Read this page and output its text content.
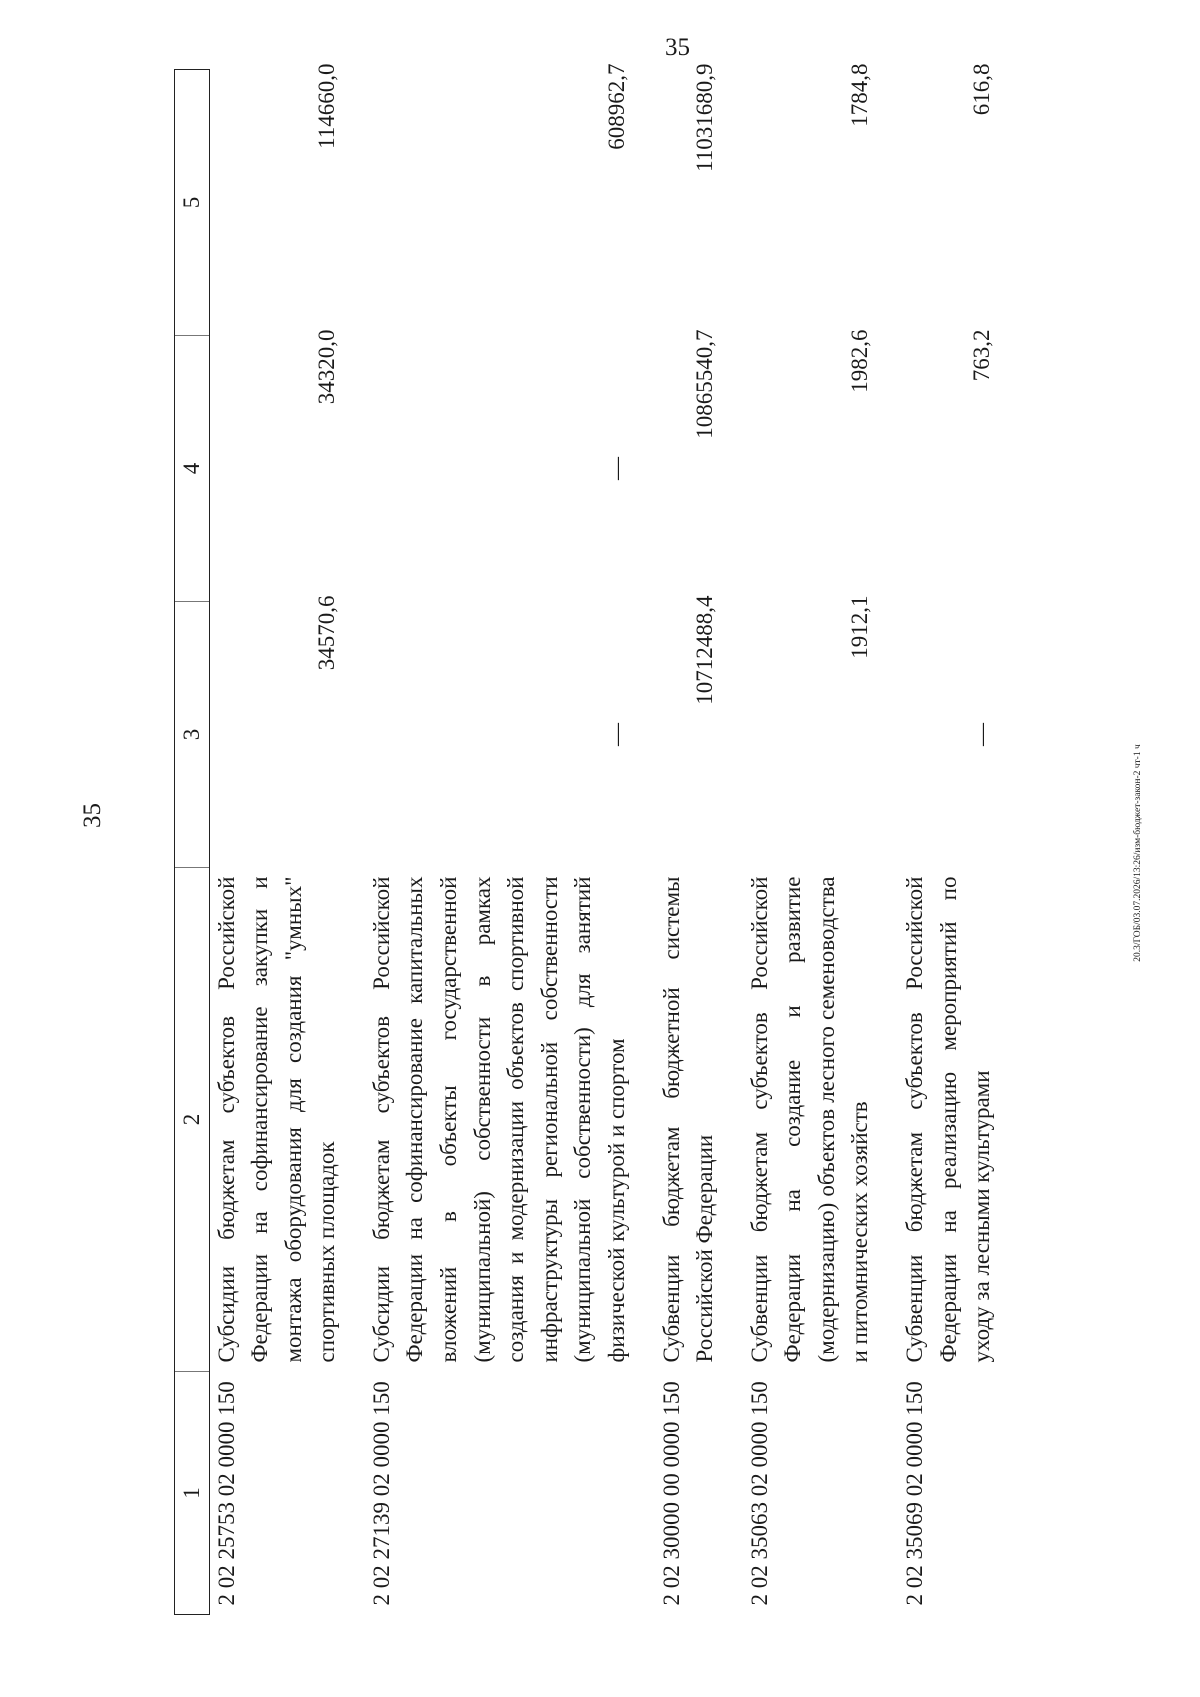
35
35	20.3/ГОБ/03.07.2026/13:26/изм-бюджет-закон-2 чт-1 ч
1	2	3	4	5
2 02 25753 02 0000 150	Субсидии бюджетам субъектов Российской Федерации на софинансирование закупки и монтажа оборудования для создания "умных" спортивных площадок	34570,6	34320,0	114660,0
2 02 27139 02 0000 150	Субсидии бюджетам субъектов Российской Федерации на софинансирование капитальных вложений в объекты государственной (муниципальной) собственности в рамках создания и модернизации объектов спортивной инфраструктуры региональной собственности (муниципальной собственности) для занятий физической культурой и спортом	—	—	608962,7
2 02 30000 00 0000 150	Субвенции бюджетам бюджетной системы Российской Федерации	10712488,4	10865540,7	11031680,9
2 02 35063 02 0000 150	Субвенции бюджетам субъектов Российской Федерации на создание и развитие (модернизацию) объектов лесного семеноводства и питомнических хозяйств	1912,1	1982,6	1784,8
2 02 35069 02 0000 150	Субвенции бюджетам субъектов Российской Федерации на реализацию мероприятий по уходу за лесными культурами	—	763,2	616,8
